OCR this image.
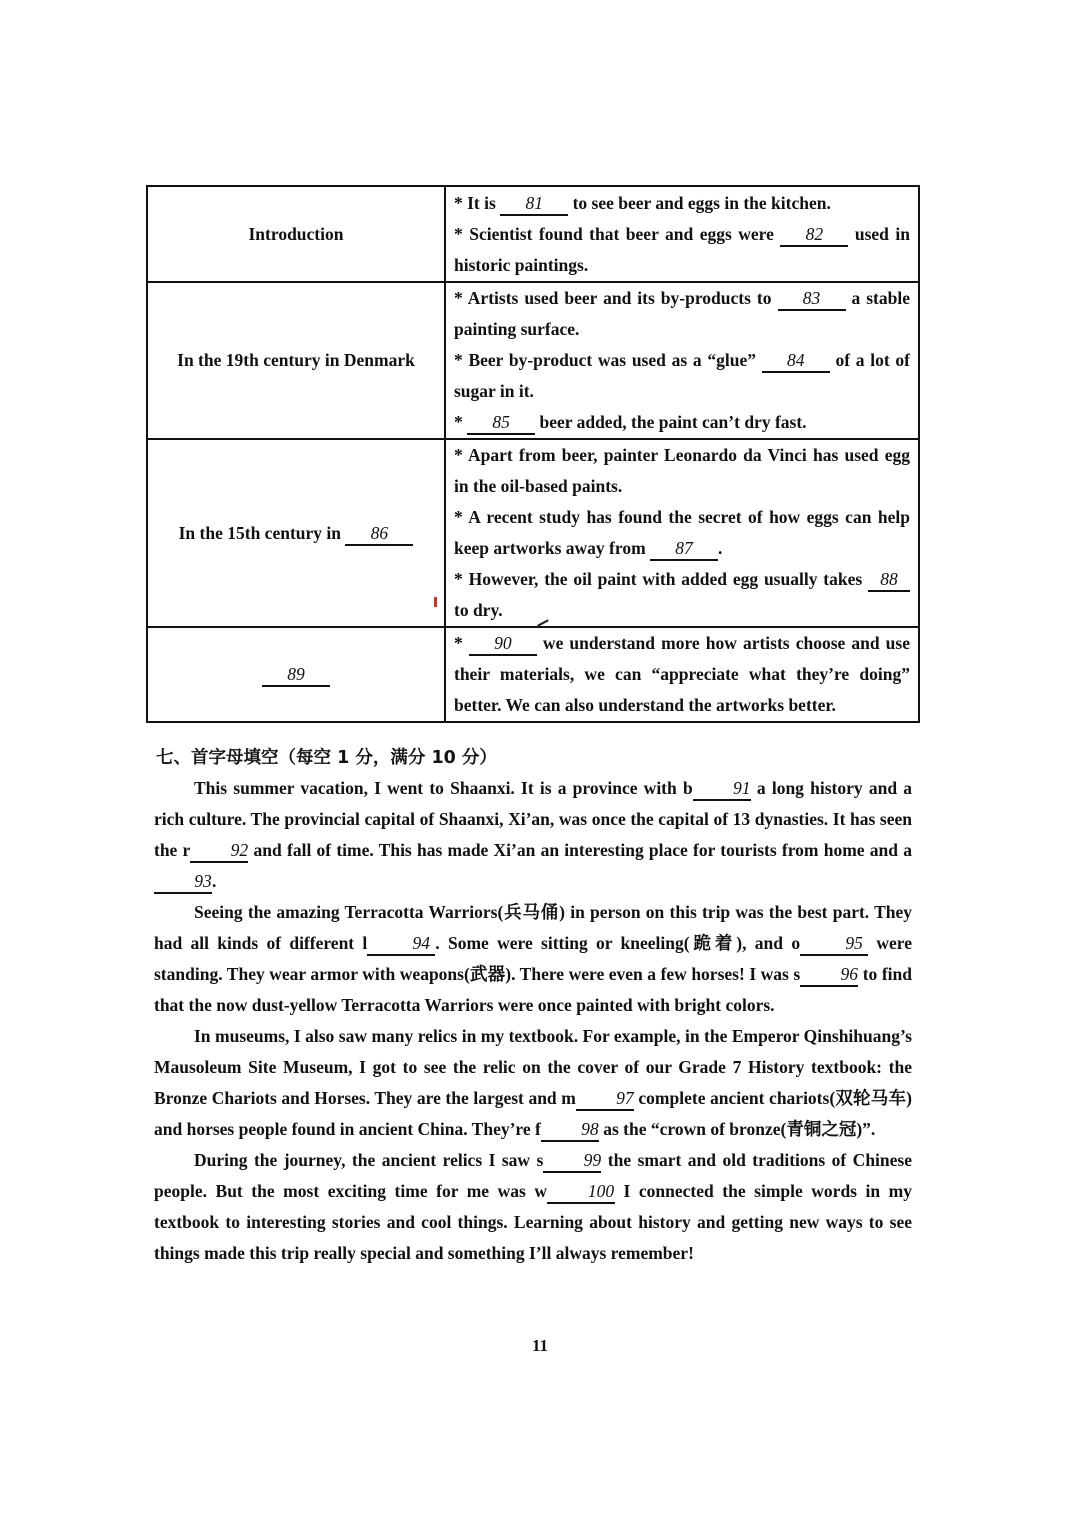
Introduction	* It is 81 to see beer and eggs in the kitchen.

* Scientist found that beer and eggs were 82 used in historic paintings.

In the 19th century in Denmark	* Artists used beer and its by-products to 83 a stable painting surface.

* Beer by-product was used as a “glue” 84 of a lot of sugar in it.

* 85 beer added, the paint can’t dry fast.

In the 15th century in 86	* Apart from beer, painter Leonardo da Vinci has used egg in the oil-based paints.

* A recent study has found the secret of how eggs can help keep artworks away from 87 .

* However, the oil paint with added egg usually takes 88 to dry.

89	* 90 we understand more how artists choose and use their materials, we can “appreciate what they’re doing” better. We can also understand the artworks better.

七、首字母填空（每空 1 分，满分 10 分）

This summer vacation, I went to Shaanxi. It is a province with b 91 a long history and a rich culture. The provincial capital of Shaanxi, Xi’an, was once the capital of 13 dynasties. It has seen the r 92 and fall of time. This has made Xi’an an interesting place for tourists from home and a93.

Seeing the amazing Terracotta Warriors(兵马俑) in person on this trip was the best part. They had all kinds of different l	94 . Some were sitting or kneeling(跪着), and o	95 were standing. They wear armor with weapons(武器). There were even a few horses! I was s 96 to find that the now dust-yellow Terracotta Warriors were once painted with bright colors.

In museums, I also saw many relics in my textbook. For example, in the Emperor Qinshihuang’s Mausoleum Site Museum, I got to see the relic on the cover of our Grade 7 History textbook: the Bronze Chariots and Horses. They are the largest and m 97 complete ancient chariots(双轮马车) and horses people found in ancient China. They’re f 98 as the “crown of bronze(青铜之冠)”.

During the journey, the ancient relics I saw s 99 the smart and old traditions of Chinese people. But the most exciting time for me was w 100 I connected the simple words in my textbook to interesting stories and cool things. Learning about history and getting new ways to see things made this trip really special and something I’ll always remember!

11
